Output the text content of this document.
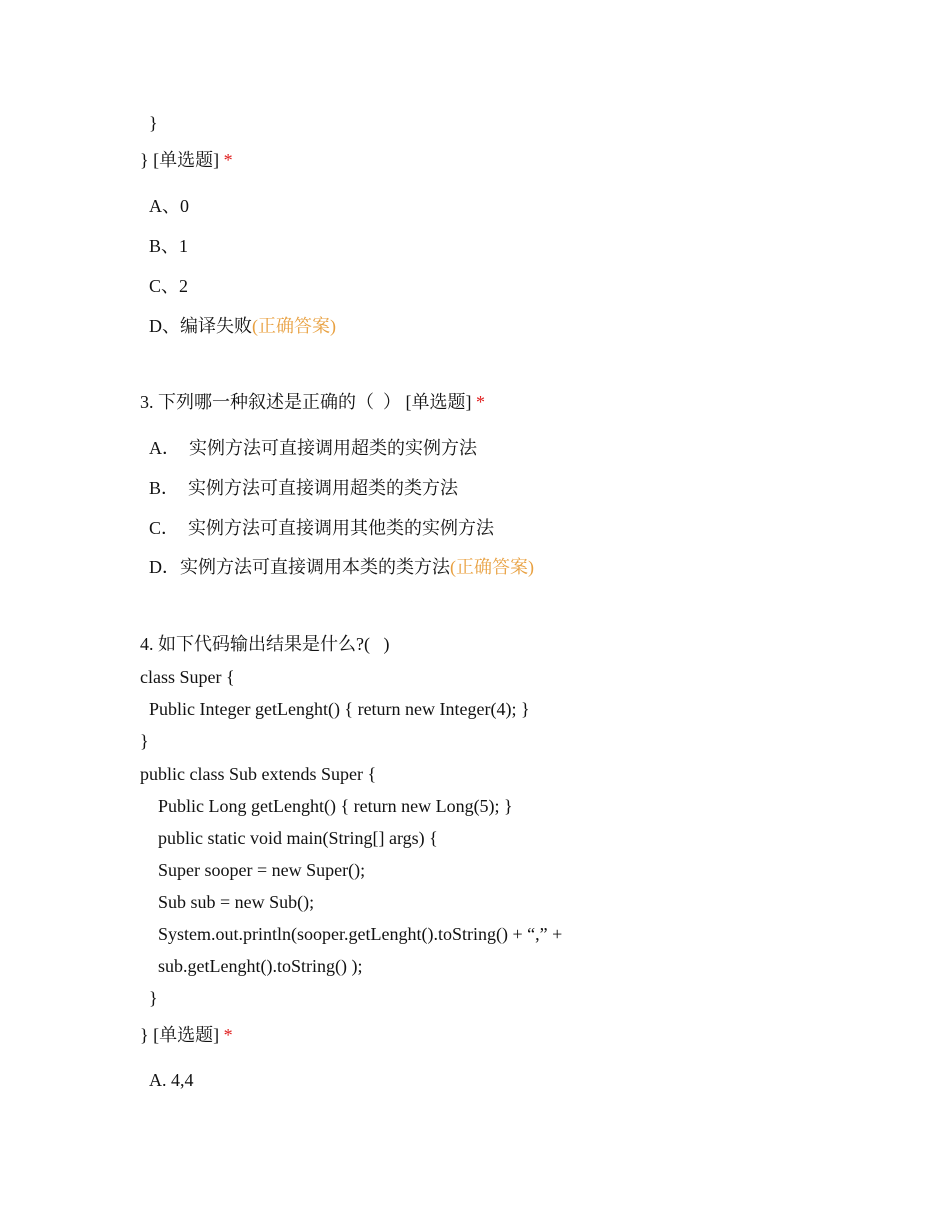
}
} [单选题] *
A、0
B、1
C、2
D、编译失败(正确答案)
3. 下列哪一种叙述是正确的（  ） [单选题] *
A．  实例方法可直接调用超类的实例方法
B．  实例方法可直接调用超类的类方法
C．  实例方法可直接调用其他类的实例方法
D．实例方法可直接调用本类的类方法(正确答案)
4. 如下代码输出结果是什么?(   )
class Super {
Public Integer getLenght() { return new Integer(4); }
}
public class Sub extends Super {
Public Long getLenght() { return new Long(5); }
public static void main(String[] args) {
Super sooper = new Super();
Sub sub = new Sub();
System.out.println(sooper.getLenght().toString() + “,” +
sub.getLenght().toString() );
}
} [单选题] *
A. 4,4
